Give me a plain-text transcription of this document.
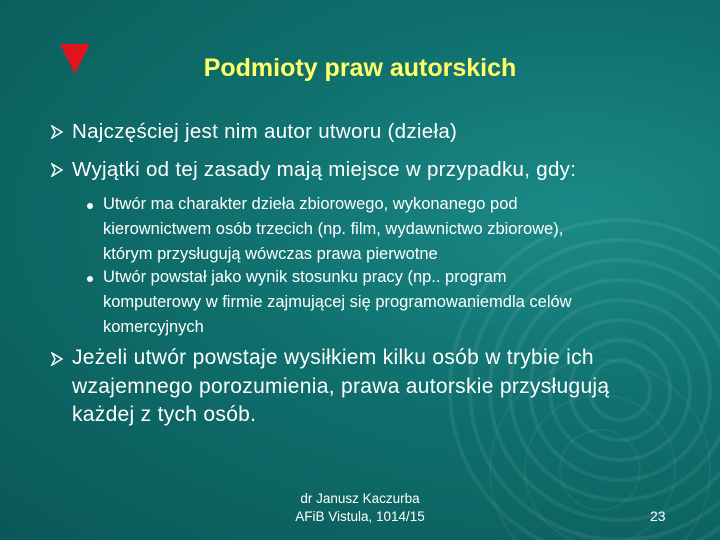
Podmioty praw autorskich
Najczęściej jest nim autor utworu (dzieła)
Wyjątki od tej zasady mają miejsce w przypadku, gdy:
Utwór ma charakter dzieła zbiorowego, wykonanego pod
kierownictwem osób trzecich (np. film, wydawnictwo zbiorowe),
którym przysługują wówczas prawa pierwotne
Utwór powstał jako wynik stosunku pracy (np.. program
komputerowy w firmie zajmującej się programowaniemdla celów
komercyjnych
Jeżeli utwór powstaje wysiłkiem kilku osób w trybie ich
wzajemnego porozumienia, prawa autorskie przysługują
każdej z tych osób.
dr Janusz Kaczurba
AFiB Vistula, 1014/15	23
